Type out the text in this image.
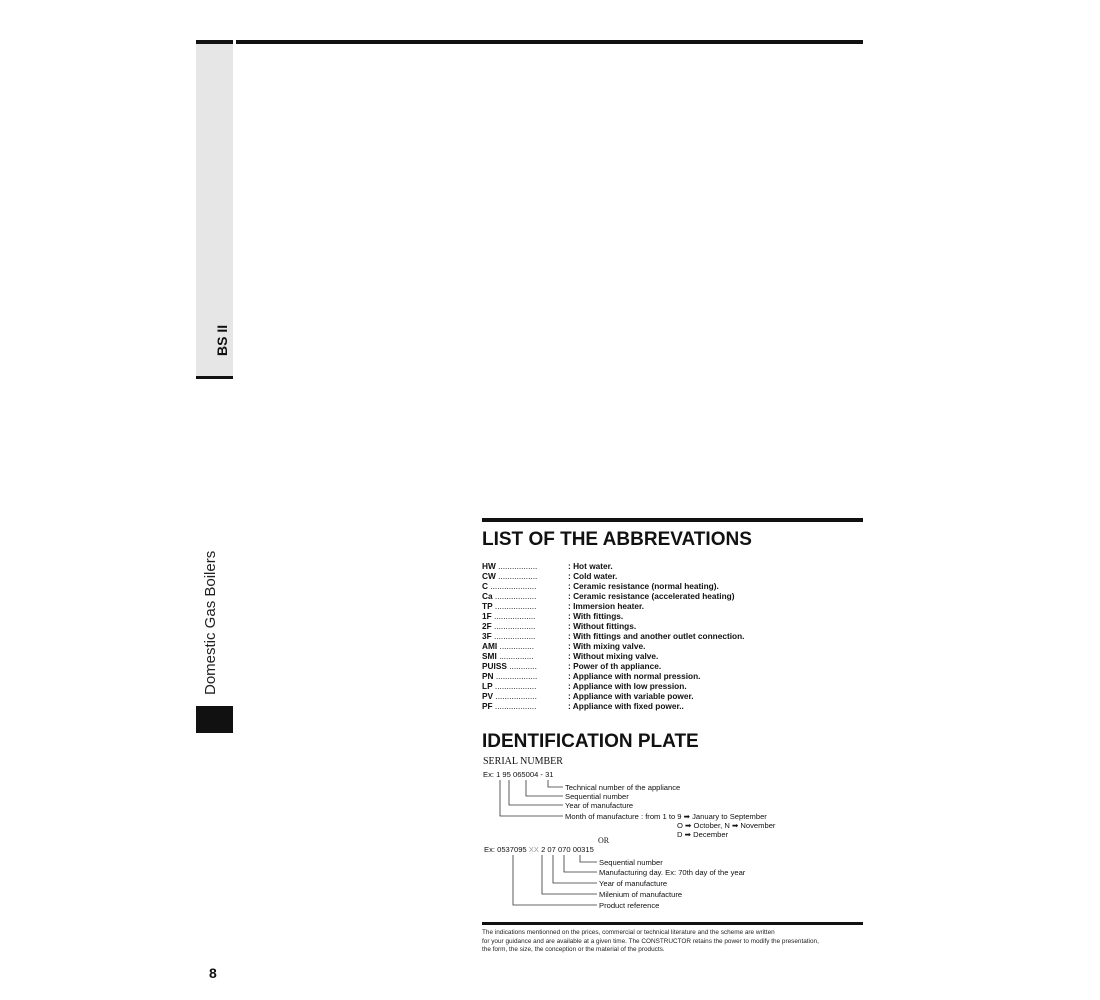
BS II
Domestic Gas Boilers
8
LIST OF THE ABBREVATIONS
HW .................	: Hot water.
CW .................	: Cold water.
C ....................	: Ceramic resistance (normal heating).
Ca ..................	: Ceramic resistance (accelerated heating)
TP ..................	: Immersion heater.
1F ..................	: With fittings.
2F ..................	: Without fittings.
3F ..................	: With fittings and another outlet connection.
AMI ...............	: With mixing valve.
SMI ...............	: Without mixing valve.
PUISS ............	: Power of th appliance.
PN ..................	: Appliance with normal pression.
LP ..................	: Appliance with low pression.
PV ..................	: Appliance with variable power.
PF ..................	: Appliance with fixed power..
IDENTIFICATION PLATE
SERIAL NUMBER
Ex: 1 95 065004 - 31
Technical number of the appliance
Sequential number
Year of manufacture
Month of manufacture : from 1 to 9 ➡ January to September
O ➡ October, N ➡ November
D ➡ December
OR
Ex: 0537095 XX 2 07 070 00315
Sequential number
Manufacturing day. Ex: 70th day of the year
Year of manufacture
Milenium of manufacture
Product reference
The indications mentionned on the prices, commercial or technical literature and the scheme are written
for your guidance and are available at a given time. The CONSTRUCTOR retains the power to modify the presentation,
the form, the size, the conception or the material of the products.
